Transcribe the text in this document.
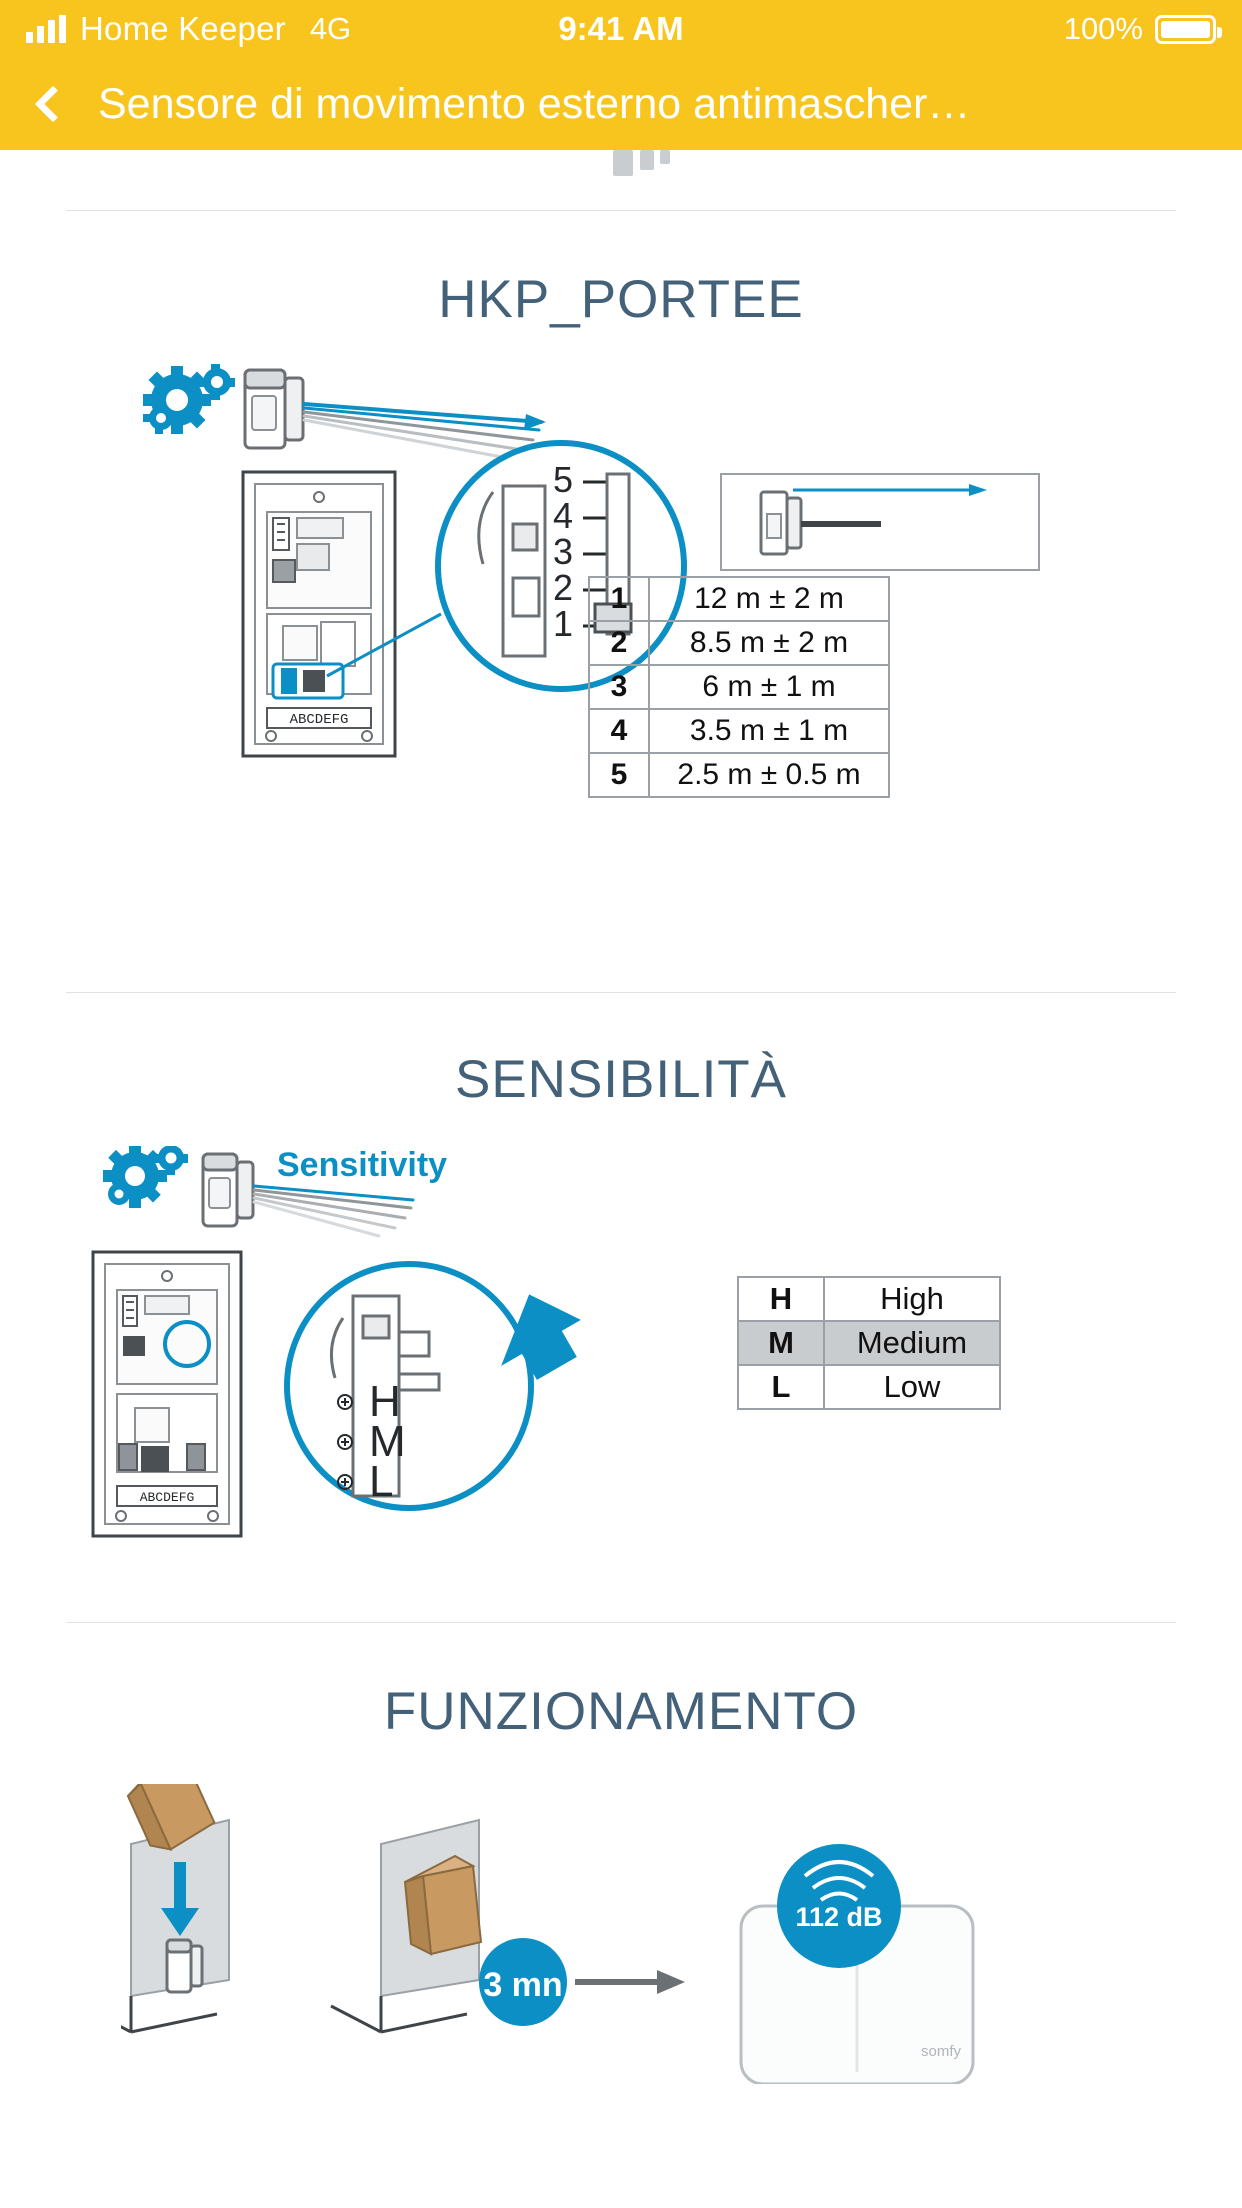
Home Keeper 4G	9:41 AM	100%
Sensore di movimento esterno antimascher…
HKP_PORTEE
ABCDEFG
5
4
3
2
1
1	12 m ± 2 m
2	8.5 m ± 2 m
3	6 m ± 1 m
4	3.5 m ± 1 m
5	2.5 m ± 0.5 m
SENSIBILITÀ
Sensitivity
ABCDEFG
H
M
L
H	High
M	Medium
L	Low
FUNZIONAMENTO
3 mn
somfy
112 dB
